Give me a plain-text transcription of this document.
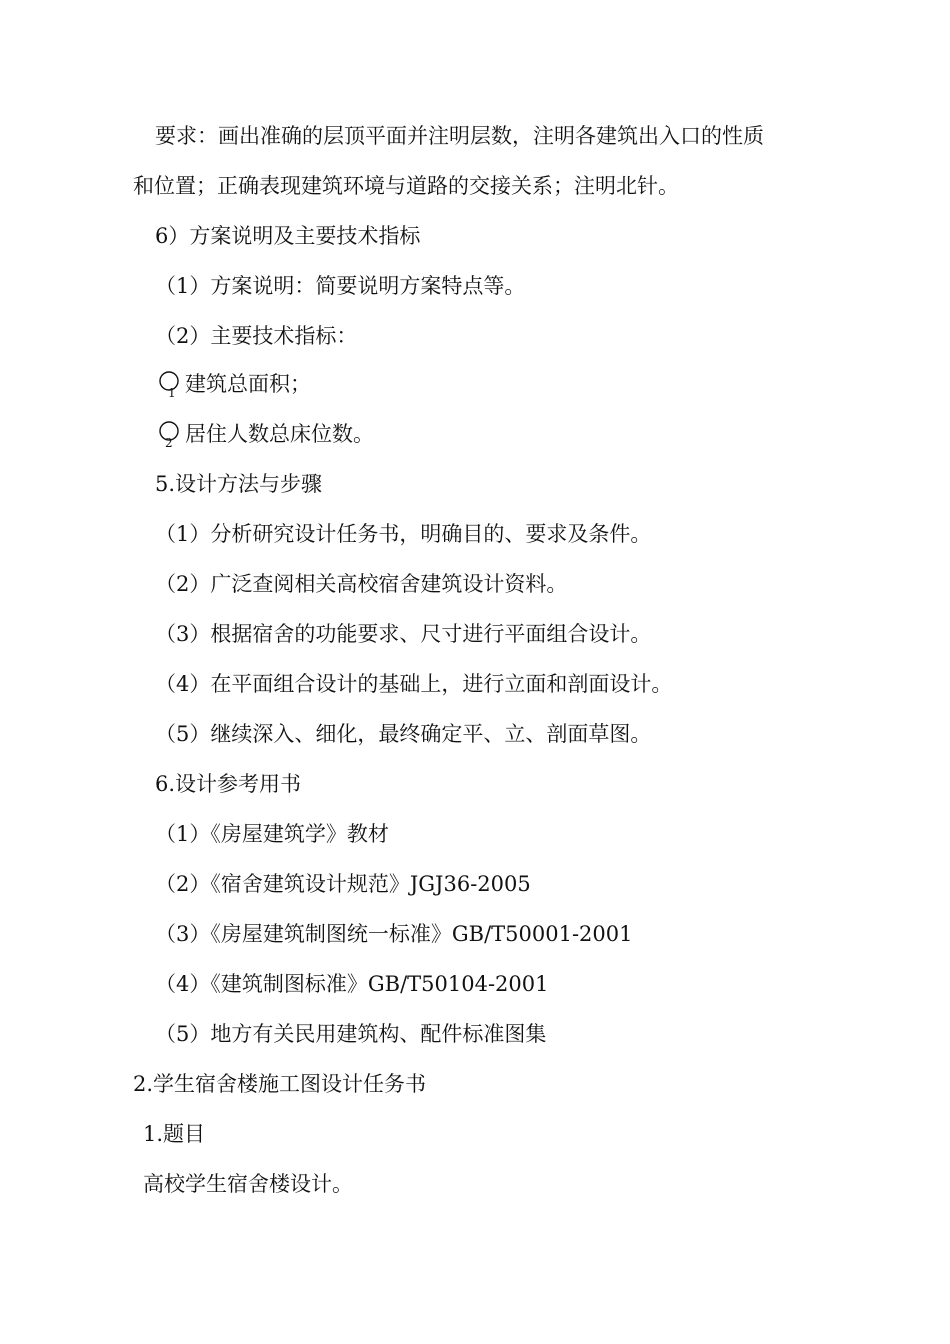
要求：画出准确的层顶平面并注明层数，注明各建筑出入口的性质
和位置；正确表现建筑环境与道路的交接关系；注明北针。
6）方案说明及主要技术指标
（1）方案说明：简要说明方案特点等。
（2）主要技术指标：
1 建筑总面积；
2 居住人数总床位数。
5.设计方法与步骤
（1）分析研究设计任务书，明确目的、要求及条件。
（2）广泛查阅相关高校宿舍建筑设计资料。
（3）根据宿舍的功能要求、尺寸进行平面组合设计。
（4）在平面组合设计的基础上，进行立面和剖面设计。
（5）继续深入、细化，最终确定平、立、剖面草图。
6.设计参考用书
（1）《房屋建筑学》教材
（2）《宿舍建筑设计规范》JGJ36-2005
（3）《房屋建筑制图统一标准》GB/T50001-2001
（4）《建筑制图标准》GB/T50104-2001
（5）地方有关民用建筑构、配件标准图集
2.学生宿舍楼施工图设计任务书
1.题目
高校学生宿舍楼设计。
